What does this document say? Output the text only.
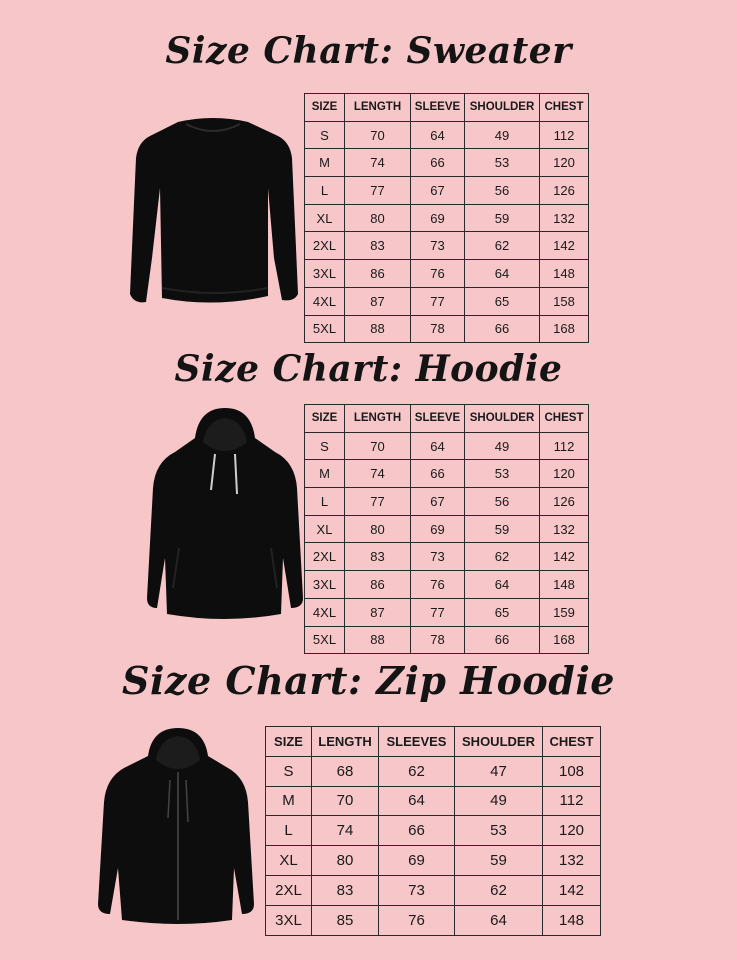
Size Chart: Sweater
SIZE	LENGTH	SLEEVE	SHOULDER	CHEST
S	70	64	49	112
M	74	66	53	120
L	77	67	56	126
XL	80	69	59	132
2XL	83	73	62	142
3XL	86	76	64	148
4XL	87	77	65	158
5XL	88	78	66	168
Size Chart: Hoodie
SIZE	LENGTH	SLEEVE	SHOULDER	CHEST
S	70	64	49	112
M	74	66	53	120
L	77	67	56	126
XL	80	69	59	132
2XL	83	73	62	142
3XL	86	76	64	148
4XL	87	77	65	159
5XL	88	78	66	168
Size Chart: Zip Hoodie
SIZE	LENGTH	SLEEVES	SHOULDER	CHEST
S	68	62	47	108
M	70	64	49	112
L	74	66	53	120
XL	80	69	59	132
2XL	83	73	62	142
3XL	85	76	64	148
